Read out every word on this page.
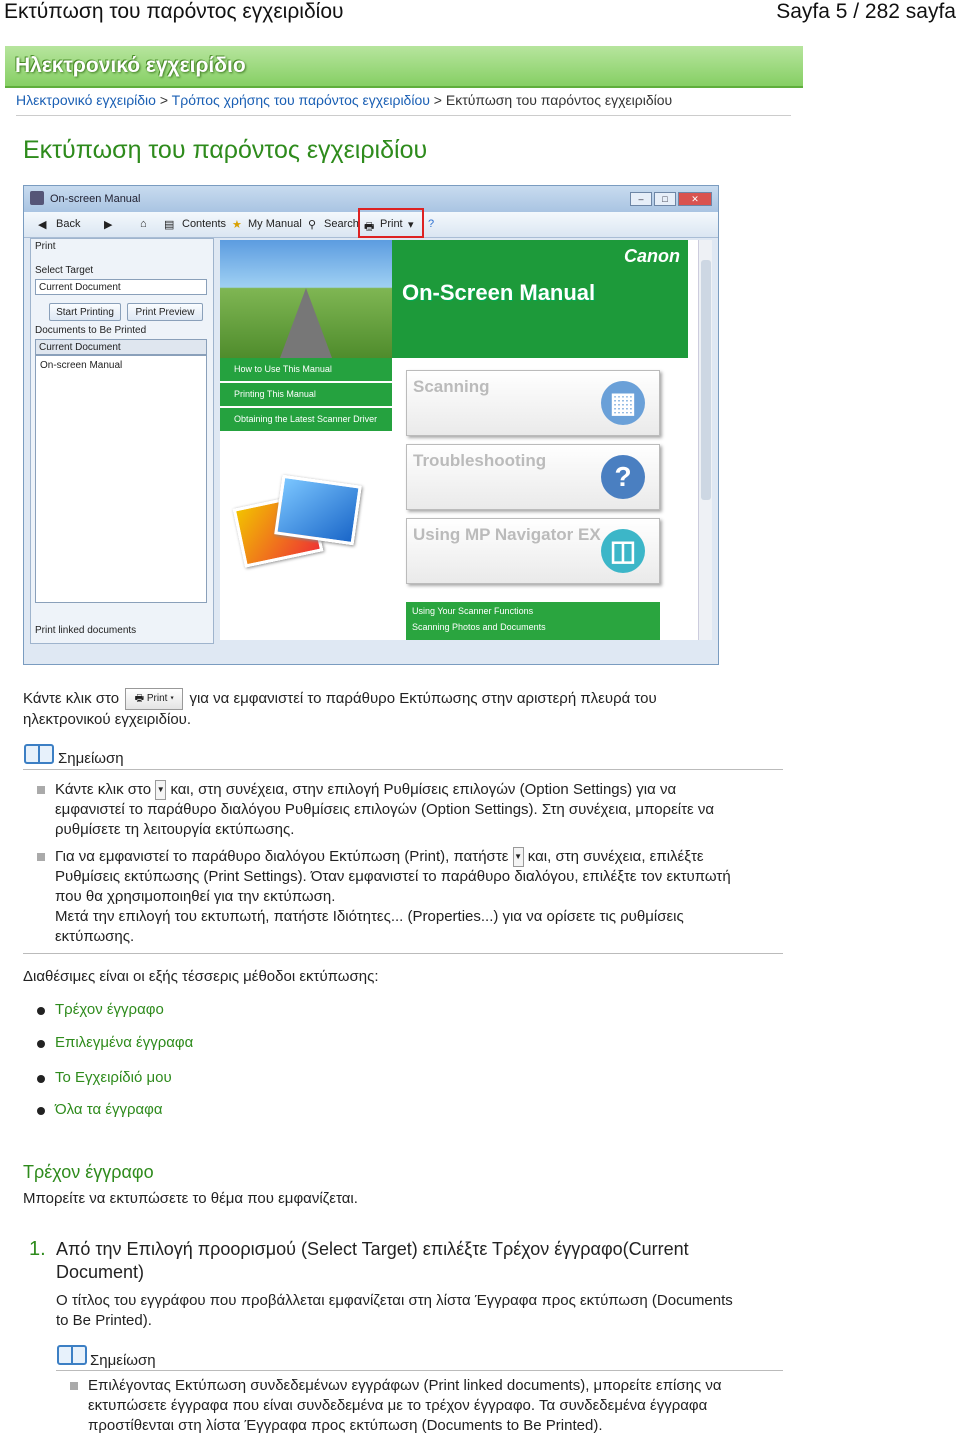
Εκτύπωση του παρόντος εγχειριδίου	Sayfa 5 / 282 sayfa
Ηλεκτρονικό εγχειρίδιο
Ηλεκτρονικό εγχειρίδιο > Τρόπος χρήσης του παρόντος εγχειριδίου > Εκτύπωση του παρόντος εγχειριδίου
Εκτύπωση του παρόντος εγχειριδίου
On-screen Manual	– □	✕
◀ Back ▶	⌂ ▤ Contents ★ My Manual ⚲ Search 🖶 Print ▾ ?
Print
Select Target
Current Document
Start Printing	Print Preview
Documents to Be Printed
Current Document
On-screen Manual
Print linked documents
Canon
On-Screen Manual
How to Use This Manual
Printing This Manual
Obtaining the Latest Scanner Driver
Scanning
▦
Troubleshooting
?
Using MP Navigator EX
◫
Using Your Scanner Functions
Scanning Photos and Documents
Κάντε κλικ στο 🖶 Print ▾ για να εμφανιστεί το παράθυρο Εκτύπωσης στην αριστερή πλευρά του
ηλεκτρονικού εγχειριδίου.
Σημείωση
Κάντε κλικ στο ▼ και, στη συνέχεια, στην επιλογή Ρυθμίσεις επιλογών (Option Settings) για να
εμφανιστεί το παράθυρο διαλόγου Ρυθμίσεις επιλογών (Option Settings). Στη συνέχεια, μπορείτε να
ρυθμίσετε τη λειτουργία εκτύπωσης.
Για να εμφανιστεί το παράθυρο διαλόγου Εκτύπωση (Print), πατήστε ▼ και, στη συνέχεια, επιλέξτε
Ρυθμίσεις εκτύπωσης (Print Settings). Όταν εμφανιστεί το παράθυρο διαλόγου, επιλέξτε τον εκτυπωτή
που θα χρησιμοποιηθεί για την εκτύπωση.
Μετά την επιλογή του εκτυπωτή, πατήστε Ιδιότητες... (Properties...) για να ορίσετε τις ρυθμίσεις
εκτύπωσης.
Διαθέσιμες είναι οι εξής τέσσερις μέθοδοι εκτύπωσης:
Τρέχον έγγραφο
Επιλεγμένα έγγραφα
Το Εγχειρίδιό μου
Όλα τα έγγραφα
Τρέχον έγγραφο
Μπορείτε να εκτυπώσετε το θέμα που εμφανίζεται.
1. Από την Επιλογή προορισμού (Select Target) επιλέξτε Τρέχον έγγραφο(Current Document)
Ο τίτλος του εγγράφου που προβάλλεται εμφανίζεται στη λίστα Έγγραφα προς εκτύπωση (Documents
to Be Printed).
Σημείωση
Επιλέγοντας Εκτύπωση συνδεδεμένων εγγράφων (Print linked documents), μπορείτε επίσης να
εκτυπώσετε έγγραφα που είναι συνδεδεμένα με το τρέχον έγγραφο. Τα συνδεδεμένα έγγραφα
προστίθενται στη λίστα Έγγραφα προς εκτύπωση (Documents to Be Printed).
